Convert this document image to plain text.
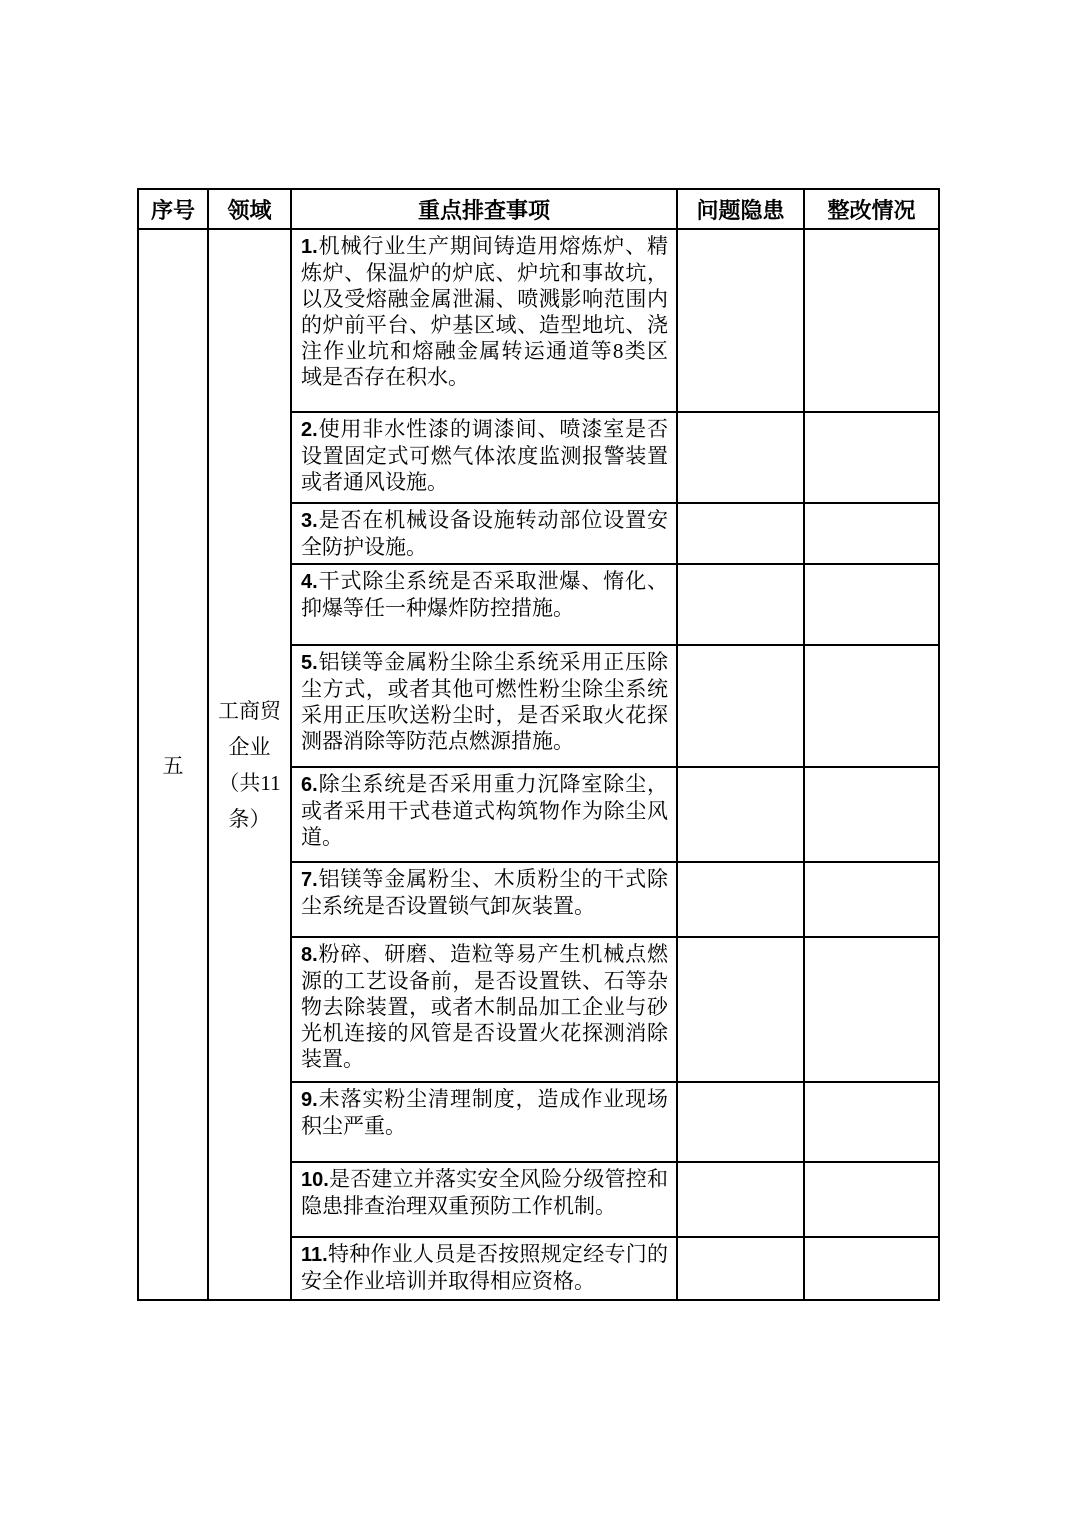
序号	领域	重点排查事项	问题隐患	整改情况
五	工商贸企业（共11条）	1.机械行业生产期间铸造用熔炼炉、精炼炉、保温炉的炉底、炉坑和事故坑，以及受熔融金属泄漏、喷溅影响范围内的炉前平台、炉基区域、造型地坑、浇注作业坑和熔融金属转运通道等8类区域是否存在积水。		
		2.使用非水性漆的调漆间、喷漆室是否设置固定式可燃气体浓度监测报警装置或者通风设施。		
		3.是否在机械设备设施转动部位设置安全防护设施。		
		4.干式除尘系统是否采取泄爆、惰化、抑爆等任一种爆炸防控措施。		
		5.铝镁等金属粉尘除尘系统采用正压除尘方式，或者其他可燃性粉尘除尘系统采用正压吹送粉尘时，是否采取火花探测器消除等防范点燃源措施。		
		6.除尘系统是否采用重力沉降室除尘，或者采用干式巷道式构筑物作为除尘风道。		
		7.铝镁等金属粉尘、木质粉尘的干式除尘系统是否设置锁气卸灰装置。		
		8.粉碎、研磨、造粒等易产生机械点燃源的工艺设备前，是否设置铁、石等杂物去除装置，或者木制品加工企业与砂光机连接的风管是否设置火花探测消除装置。		
		9.未落实粉尘清理制度，造成作业现场积尘严重。		
		10.是否建立并落实安全风险分级管控和隐患排查治理双重预防工作机制。		
		11.特种作业人员是否按照规定经专门的安全作业培训并取得相应资格。		
